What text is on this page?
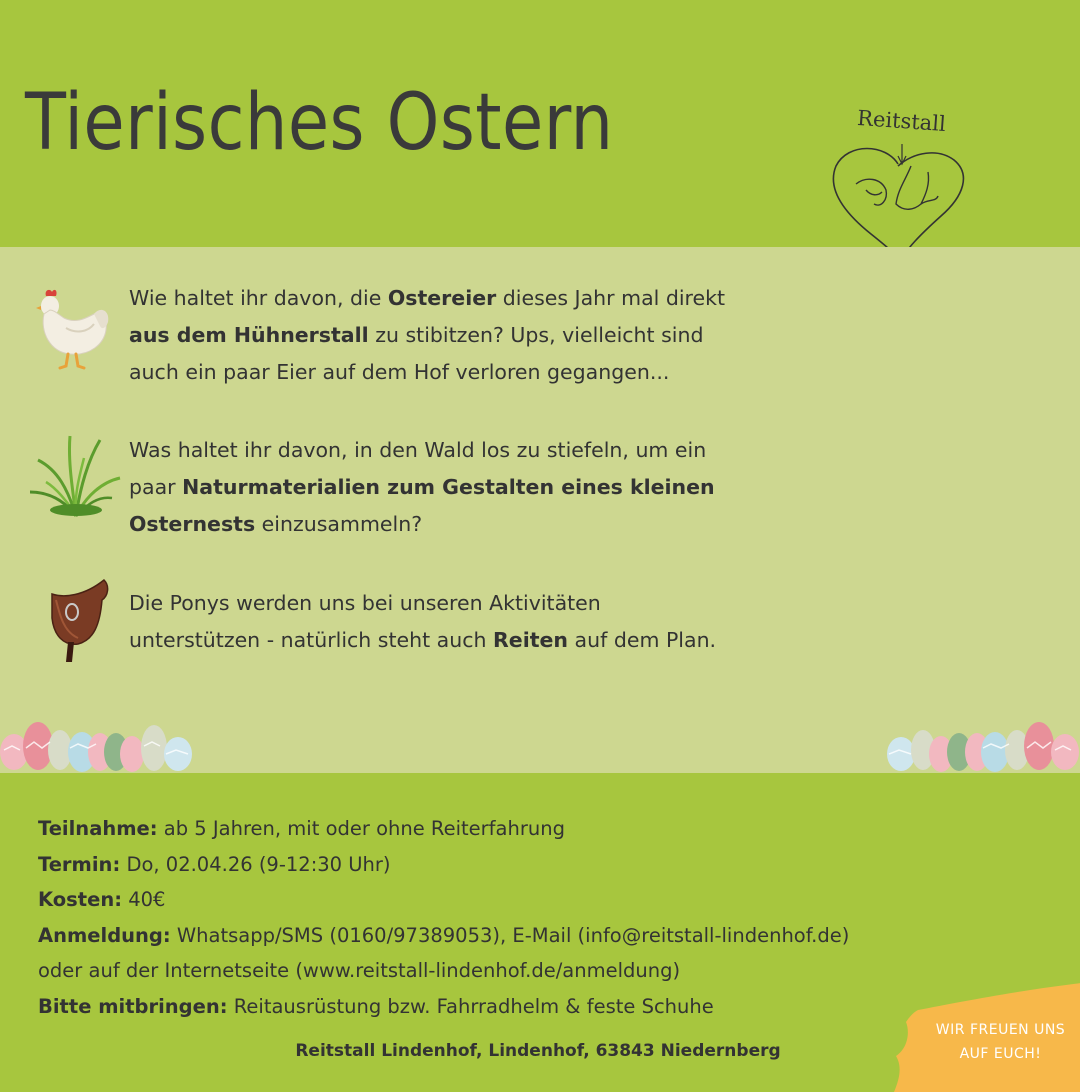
Tierisches Ostern	Reitstall
Wie haltet ihr davon, die Ostereier dieses Jahr mal direkt
aus dem Hühnerstall zu stibitzen? Ups, vielleicht sind
auch ein paar Eier auf dem Hof verloren gegangen...
Was haltet ihr davon, in den Wald los zu stiefeln, um ein
paar Naturmaterialien zum Gestalten eines kleinen
Osternests einzusammeln?
Die Ponys werden uns bei unseren Aktivitäten
unterstützen - natürlich steht auch Reiten auf dem Plan.
Teilnahme: ab 5 Jahren, mit oder ohne Reiterfahrung
Termin: Do, 02.04.26 (9-12:30 Uhr)
Kosten: 40€
Anmeldung: Whatsapp/SMS (0160/97389053), E-Mail (info@reitstall-lindenhof.de)
oder auf der Internetseite (www.reitstall-lindenhof.de/anmeldung)
Bitte mitbringen: Reitausrüstung bzw. Fahrradhelm & feste Schuhe
Reitstall Lindenhof, Lindenhof, 63843 Niedernberg
WIR FREUEN UNS
AUF EUCH!
